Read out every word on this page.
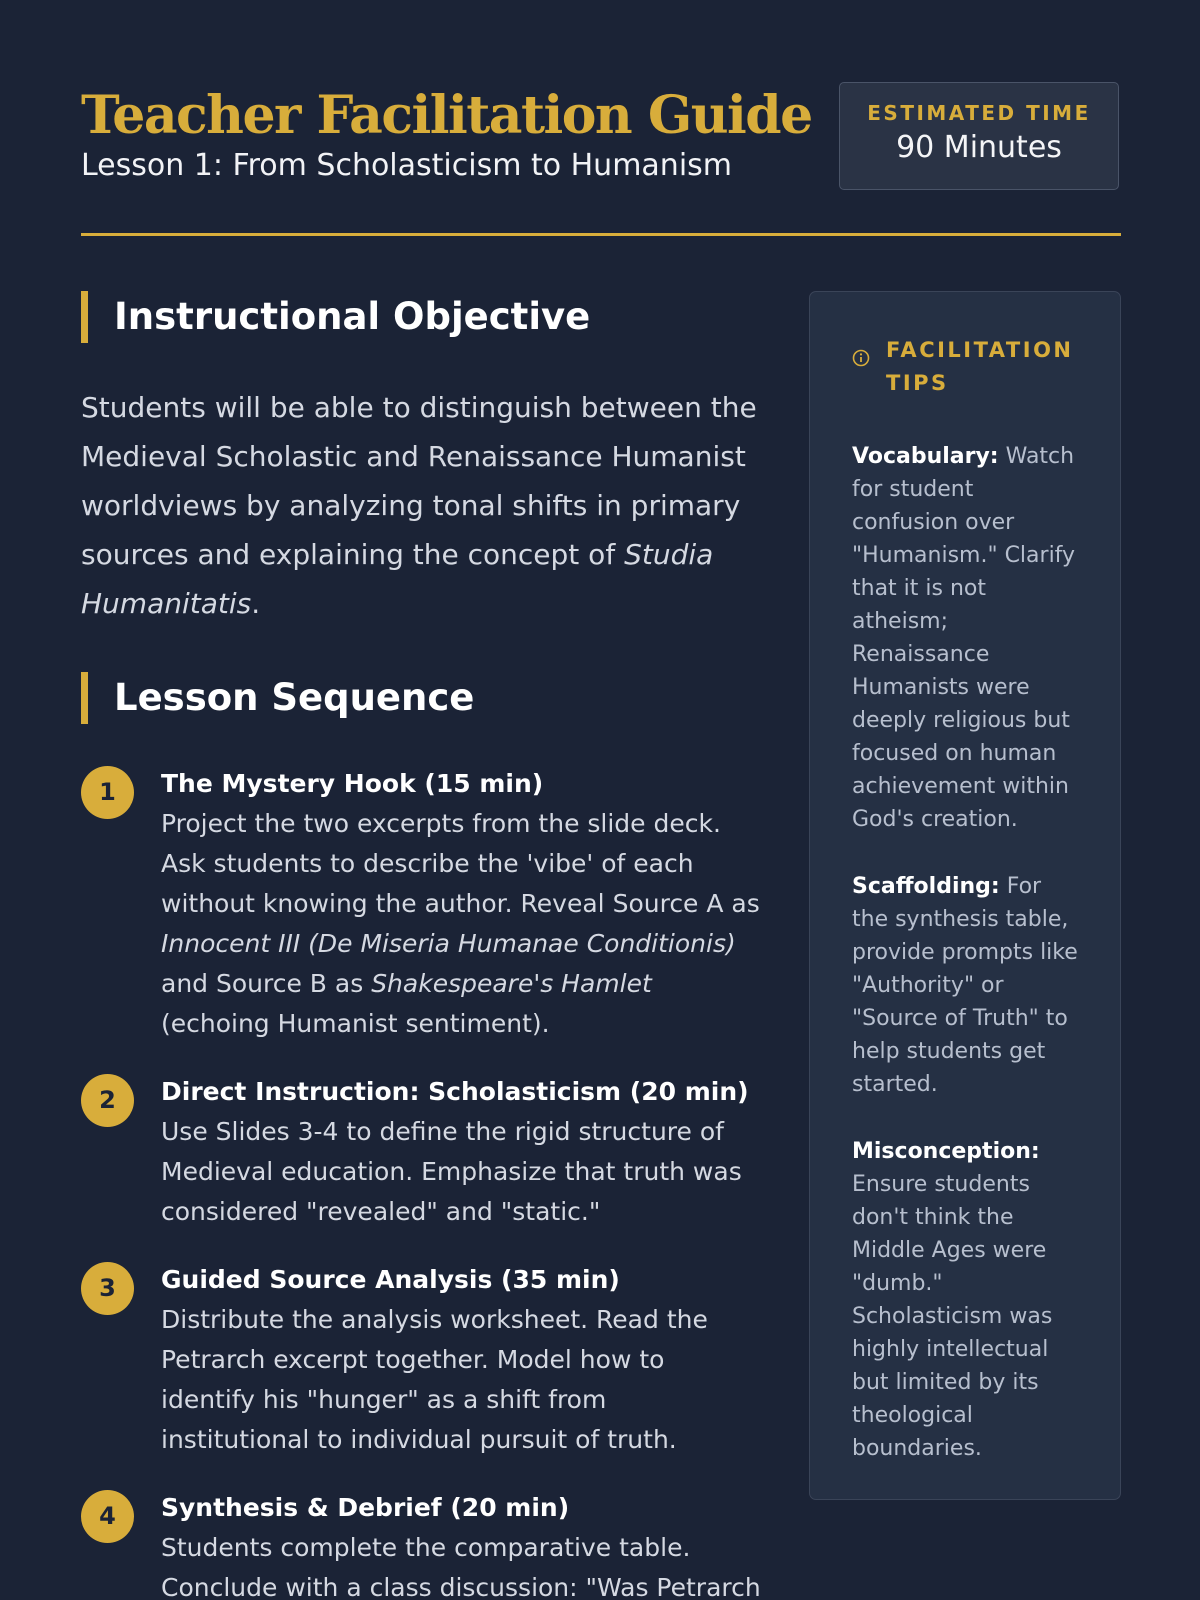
Teacher Facilitation Guide
Lesson 1: From Scholasticism to Humanism
ESTIMATED TIME
90 Minutes
Instructional Objective
Students will be able to distinguish between the Medieval Scholastic and Renaissance Humanist worldviews by analyzing tonal shifts in primary sources and explaining the concept of Studia Humanitatis.
Lesson Sequence
1	The Mystery Hook (15 min)
Project the two excerpts from the slide deck. Ask students to describe the 'vibe' of each without knowing the author. Reveal Source A as Innocent III (De Miseria Humanae Conditionis) and Source B as Shakespeare's Hamlet (echoing Humanist sentiment).
2	Direct Instruction: Scholasticism (20 min)
Use Slides 3-4 to define the rigid structure of Medieval education. Emphasize that truth was considered "revealed" and "static."
3	Guided Source Analysis (35 min)
Distribute the analysis worksheet. Read the Petrarch excerpt together. Model how to identify his "hunger" as a shift from institutional to individual pursuit of truth.
4	Synthesis & Debrief (20 min)
Students complete the comparative table. Conclude with a class discussion: "Was Petrarch
FACILITATION TIPS
Vocabulary: Watch for student confusion over "Humanism." Clarify that it is not atheism; Renaissance Humanists were deeply religious but focused on human achievement within God's creation.
Scaffolding: For the synthesis table, provide prompts like "Authority" or "Source of Truth" to help students get started.
Misconception: Ensure students don't think the Middle Ages were "dumb." Scholasticism was highly intellectual but limited by its theological boundaries.
